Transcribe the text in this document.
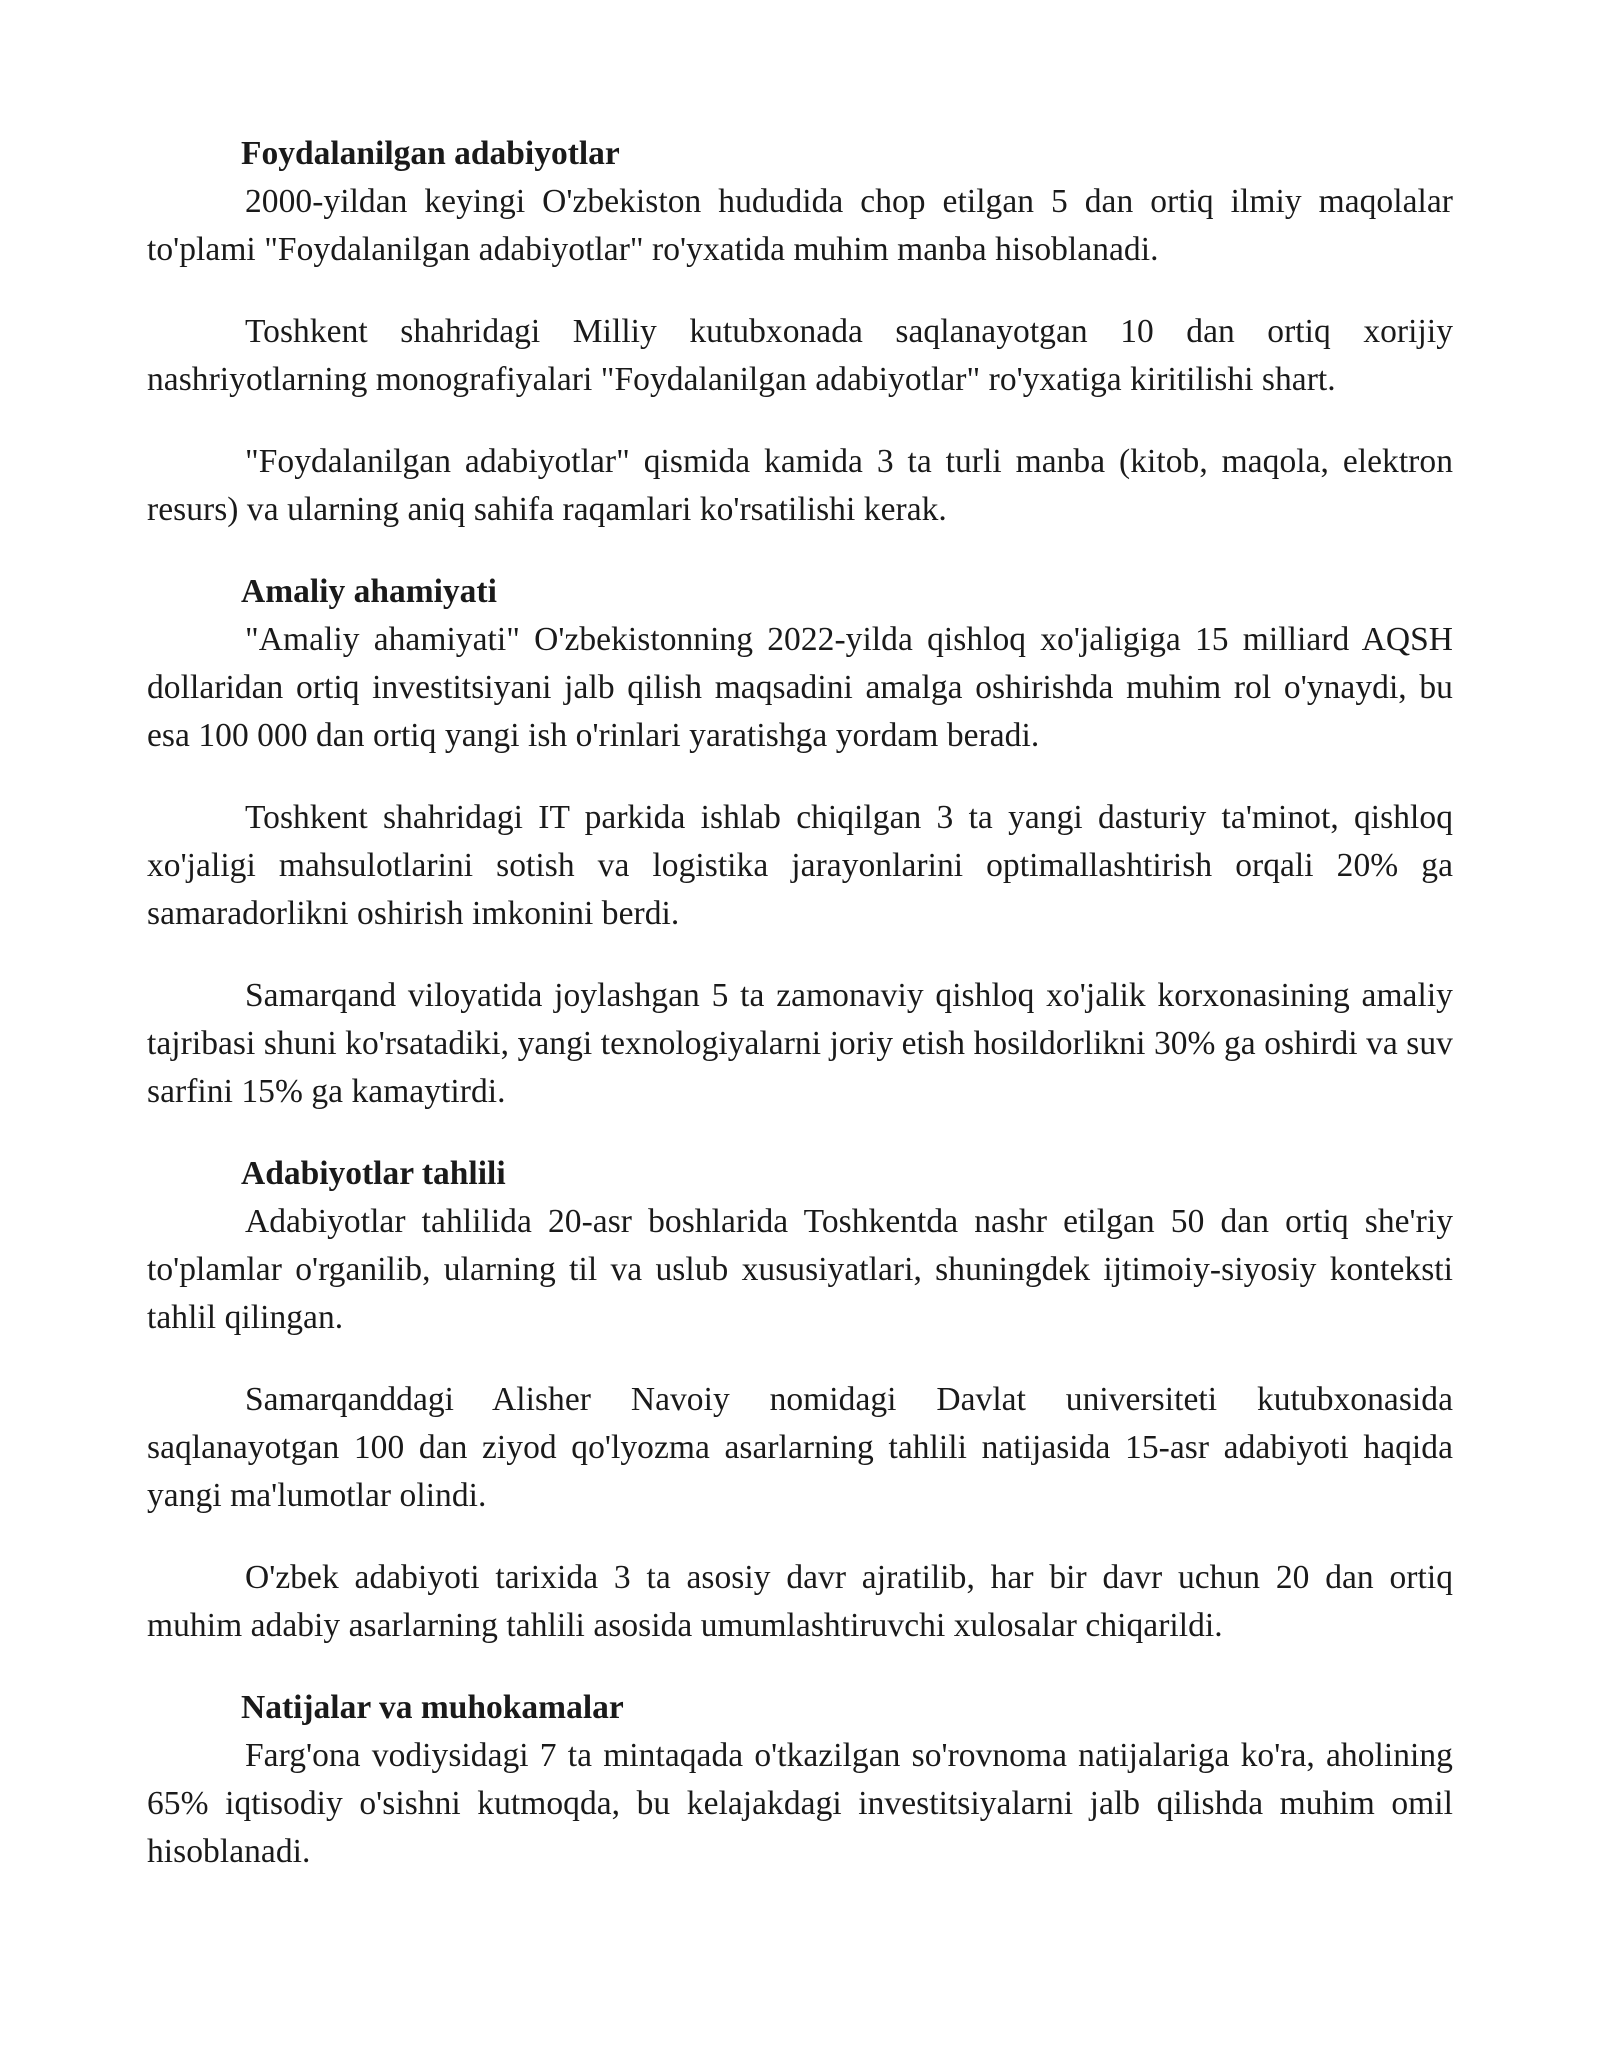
Foydalanilgan adabiyotlar

2000-yildan keyingi O'zbekiston hududida chop etilgan 5 dan ortiq ilmiy maqolalar to'plami "Foydalanilgan adabiyotlar" ro'yxatida muhim manba hisoblanadi.

Toshkent shahridagi Milliy kutubxonada saqlanayotgan 10 dan ortiq xorijiy nashriyotlarning monografiyalari "Foydalanilgan adabiyotlar" ro'yxatiga kiritilishi shart.

"Foydalanilgan adabiyotlar" qismida kamida 3 ta turli manba (kitob, maqola, elektron resurs) va ularning aniq sahifa raqamlari ko'rsatilishi kerak.

Amaliy ahamiyati

"Amaliy ahamiyati" O'zbekistonning 2022-yilda qishloq xo'jaligiga 15 milliard AQSH dollaridan ortiq investitsiyani jalb qilish maqsadini amalga oshirishda muhim rol o'ynaydi, bu esa 100 000 dan ortiq yangi ish o'rinlari yaratishga yordam beradi.

Toshkent shahridagi IT parkida ishlab chiqilgan 3 ta yangi dasturiy ta'minot, qishloq xo'jaligi mahsulotlarini sotish va logistika jarayonlarini optimallashtirish orqali 20% ga samaradorlikni oshirish imkonini berdi.

Samarqand viloyatida joylashgan 5 ta zamonaviy qishloq xo'jalik korxonasining amaliy tajribasi shuni ko'rsatadiki, yangi texnologiyalarni joriy etish hosildorlikni 30% ga oshirdi va suv sarfini 15% ga kamaytirdi.

Adabiyotlar tahlili

Adabiyotlar tahlilida 20-asr boshlarida Toshkentda nashr etilgan 50 dan ortiq she'riy to'plamlar o'rganilib, ularning til va uslub xususiyatlari, shuningdek ijtimoiy-siyosiy konteksti tahlil qilingan.

Samarqanddagi Alisher Navoiy nomidagi Davlat universiteti kutubxonasida saqlanayotgan 100 dan ziyod qo'lyozma asarlarning tahlili natijasida 15-asr adabiyoti haqida yangi ma'lumotlar olindi.

O'zbek adabiyoti tarixida 3 ta asosiy davr ajratilib, har bir davr uchun 20 dan ortiq muhim adabiy asarlarning tahlili asosida umumlashtiruvchi xulosalar chiqarildi.

Natijalar va muhokamalar

Farg'ona vodiysidagi 7 ta mintaqada o'tkazilgan so'rovnoma natijalariga ko'ra, aholining 65% iqtisodiy o'sishni kutmoqda, bu kelajakdagi investitsiyalarni jalb qilishda muhim omil hisoblanadi.
